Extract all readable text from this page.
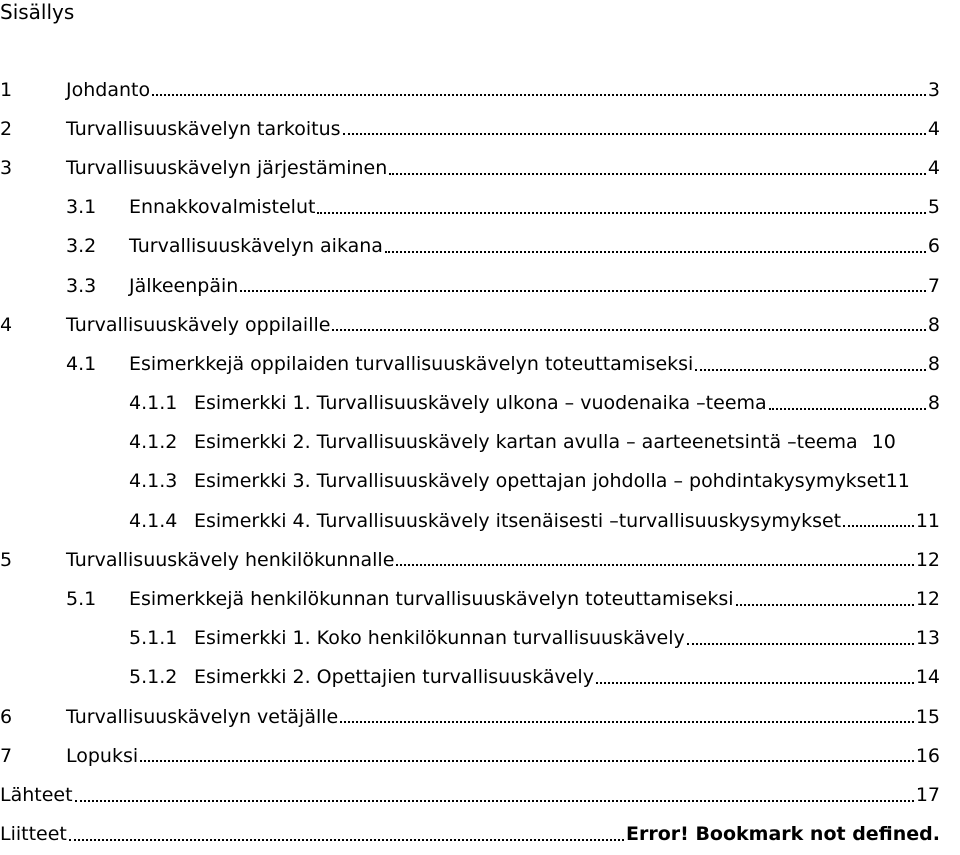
Sisällys
1	Johdanto	3
2	Turvallisuuskävelyn tarkoitus	4
3	Turvallisuuskävelyn järjestäminen	4
3.1	Ennakkovalmistelut	5
3.2	Turvallisuuskävelyn aikana	6
3.3	Jälkeenpäin	7
4	Turvallisuuskävely oppilaille	8
4.1	Esimerkkejä oppilaiden turvallisuuskävelyn toteuttamiseksi	8
4.1.1 Esimerkki 1. Turvallisuuskävely ulkona – vuodenaika –teema	8
4.1.2 Esimerkki 2. Turvallisuuskävely kartan avulla – aarteenetsintä –teema 10
4.1.3 Esimerkki 3. Turvallisuuskävely opettajan johdolla – pohdintakysymykset 11
4.1.4 Esimerkki 4. Turvallisuuskävely itsenäisesti –turvallisuuskysymykset	11
5	Turvallisuuskävely henkilökunnalle	12
5.1	Esimerkkejä henkilökunnan turvallisuuskävelyn toteuttamiseksi	12
5.1.1 Esimerkki 1. Koko henkilökunnan turvallisuuskävely	13
5.1.2 Esimerkki 2. Opettajien turvallisuuskävely	14
6	Turvallisuuskävelyn vetäjälle	15
7	Lopuksi	16
Lähteet	17
Liitteet	Error! Bookmark not defined.
